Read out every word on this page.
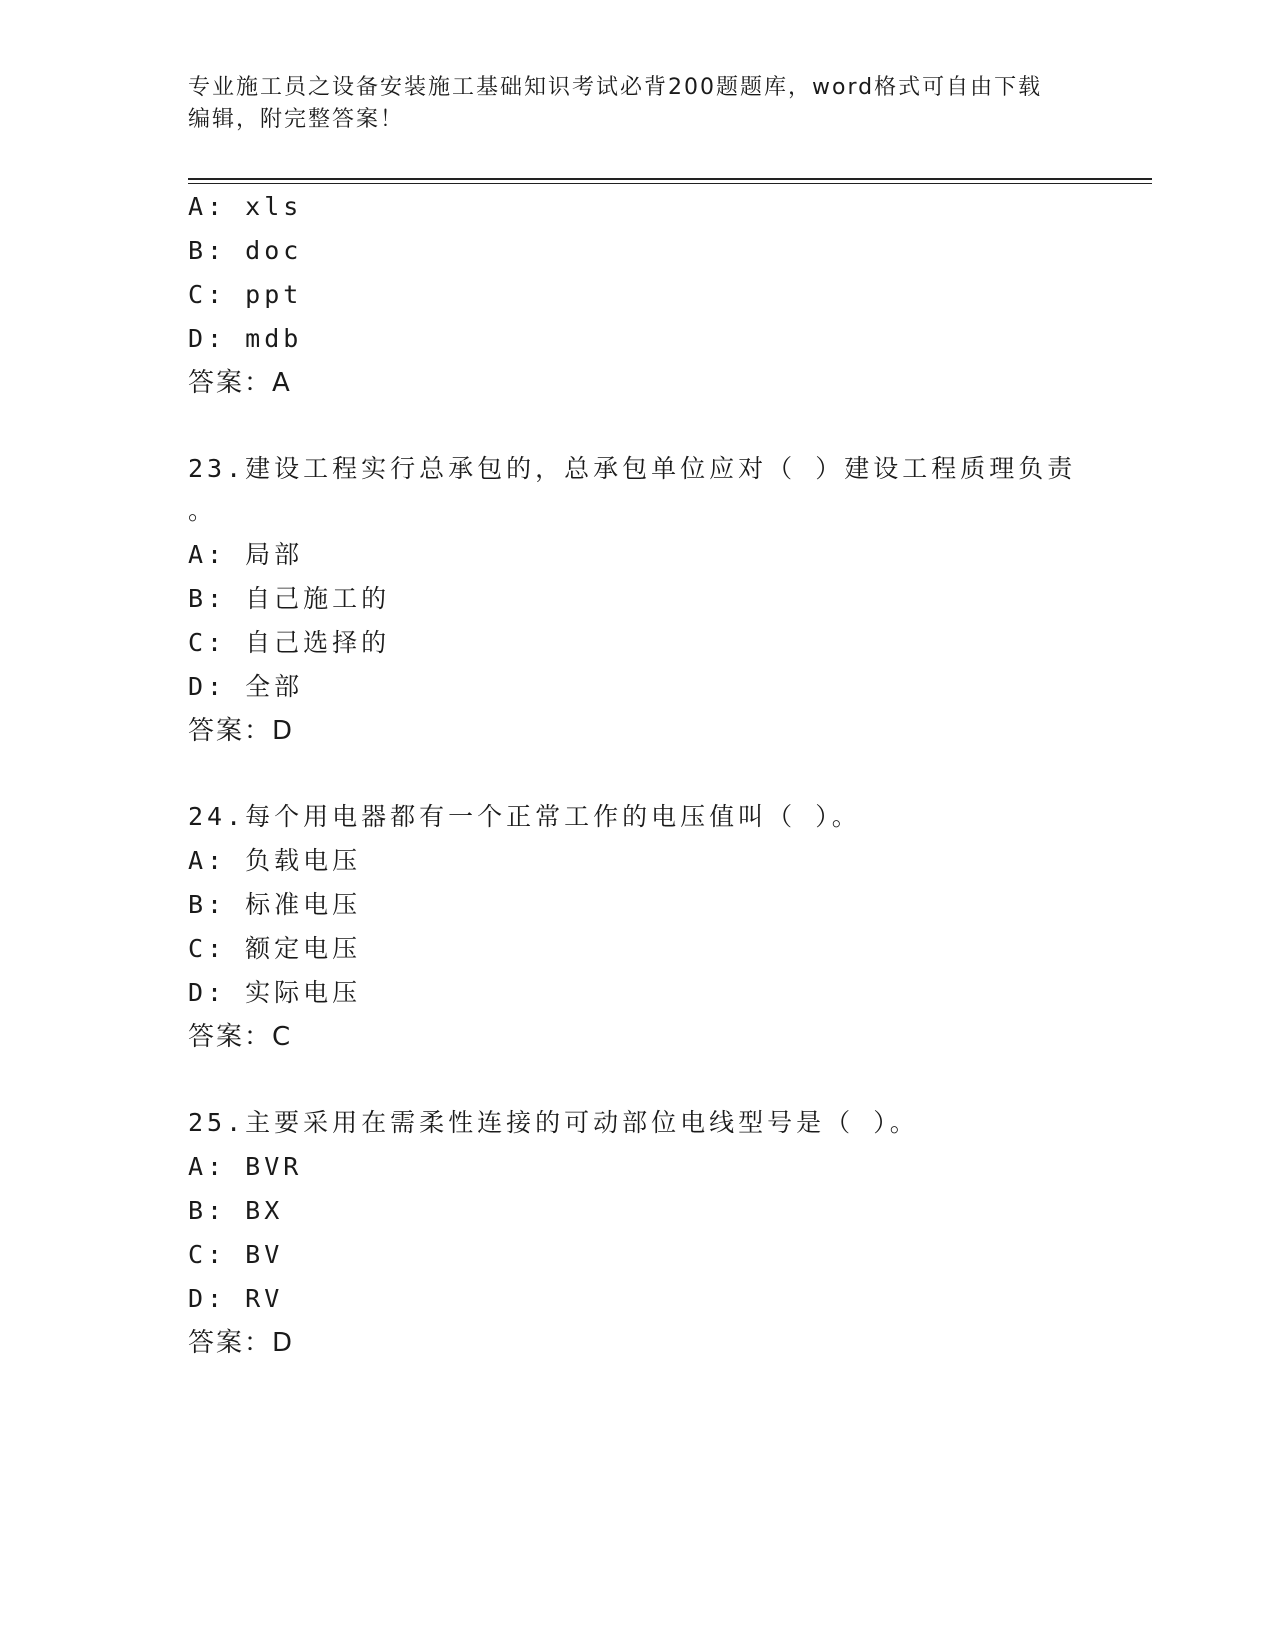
专业施工员之设备安装施工基础知识考试必背200题题库，word格式可自由下载

编辑，附完整答案！

A: xls
B: doc
C: ppt
D: mdb
答案：A
23.建设工程实行总承包的，总承包单位应对（ ）建设工程质理负责
。
A: 局部
B: 自己施工的
C: 自己选择的
D: 全部
答案：D
24.每个用电器都有一个正常工作的电压值叫（ ）。
A: 负载电压
B: 标准电压
C: 额定电压
D: 实际电压
答案：C
25.主要采用在需柔性连接的可动部位电线型号是（ ）。
A: BVR
B: BX
C: BV
D: RV
答案：D
